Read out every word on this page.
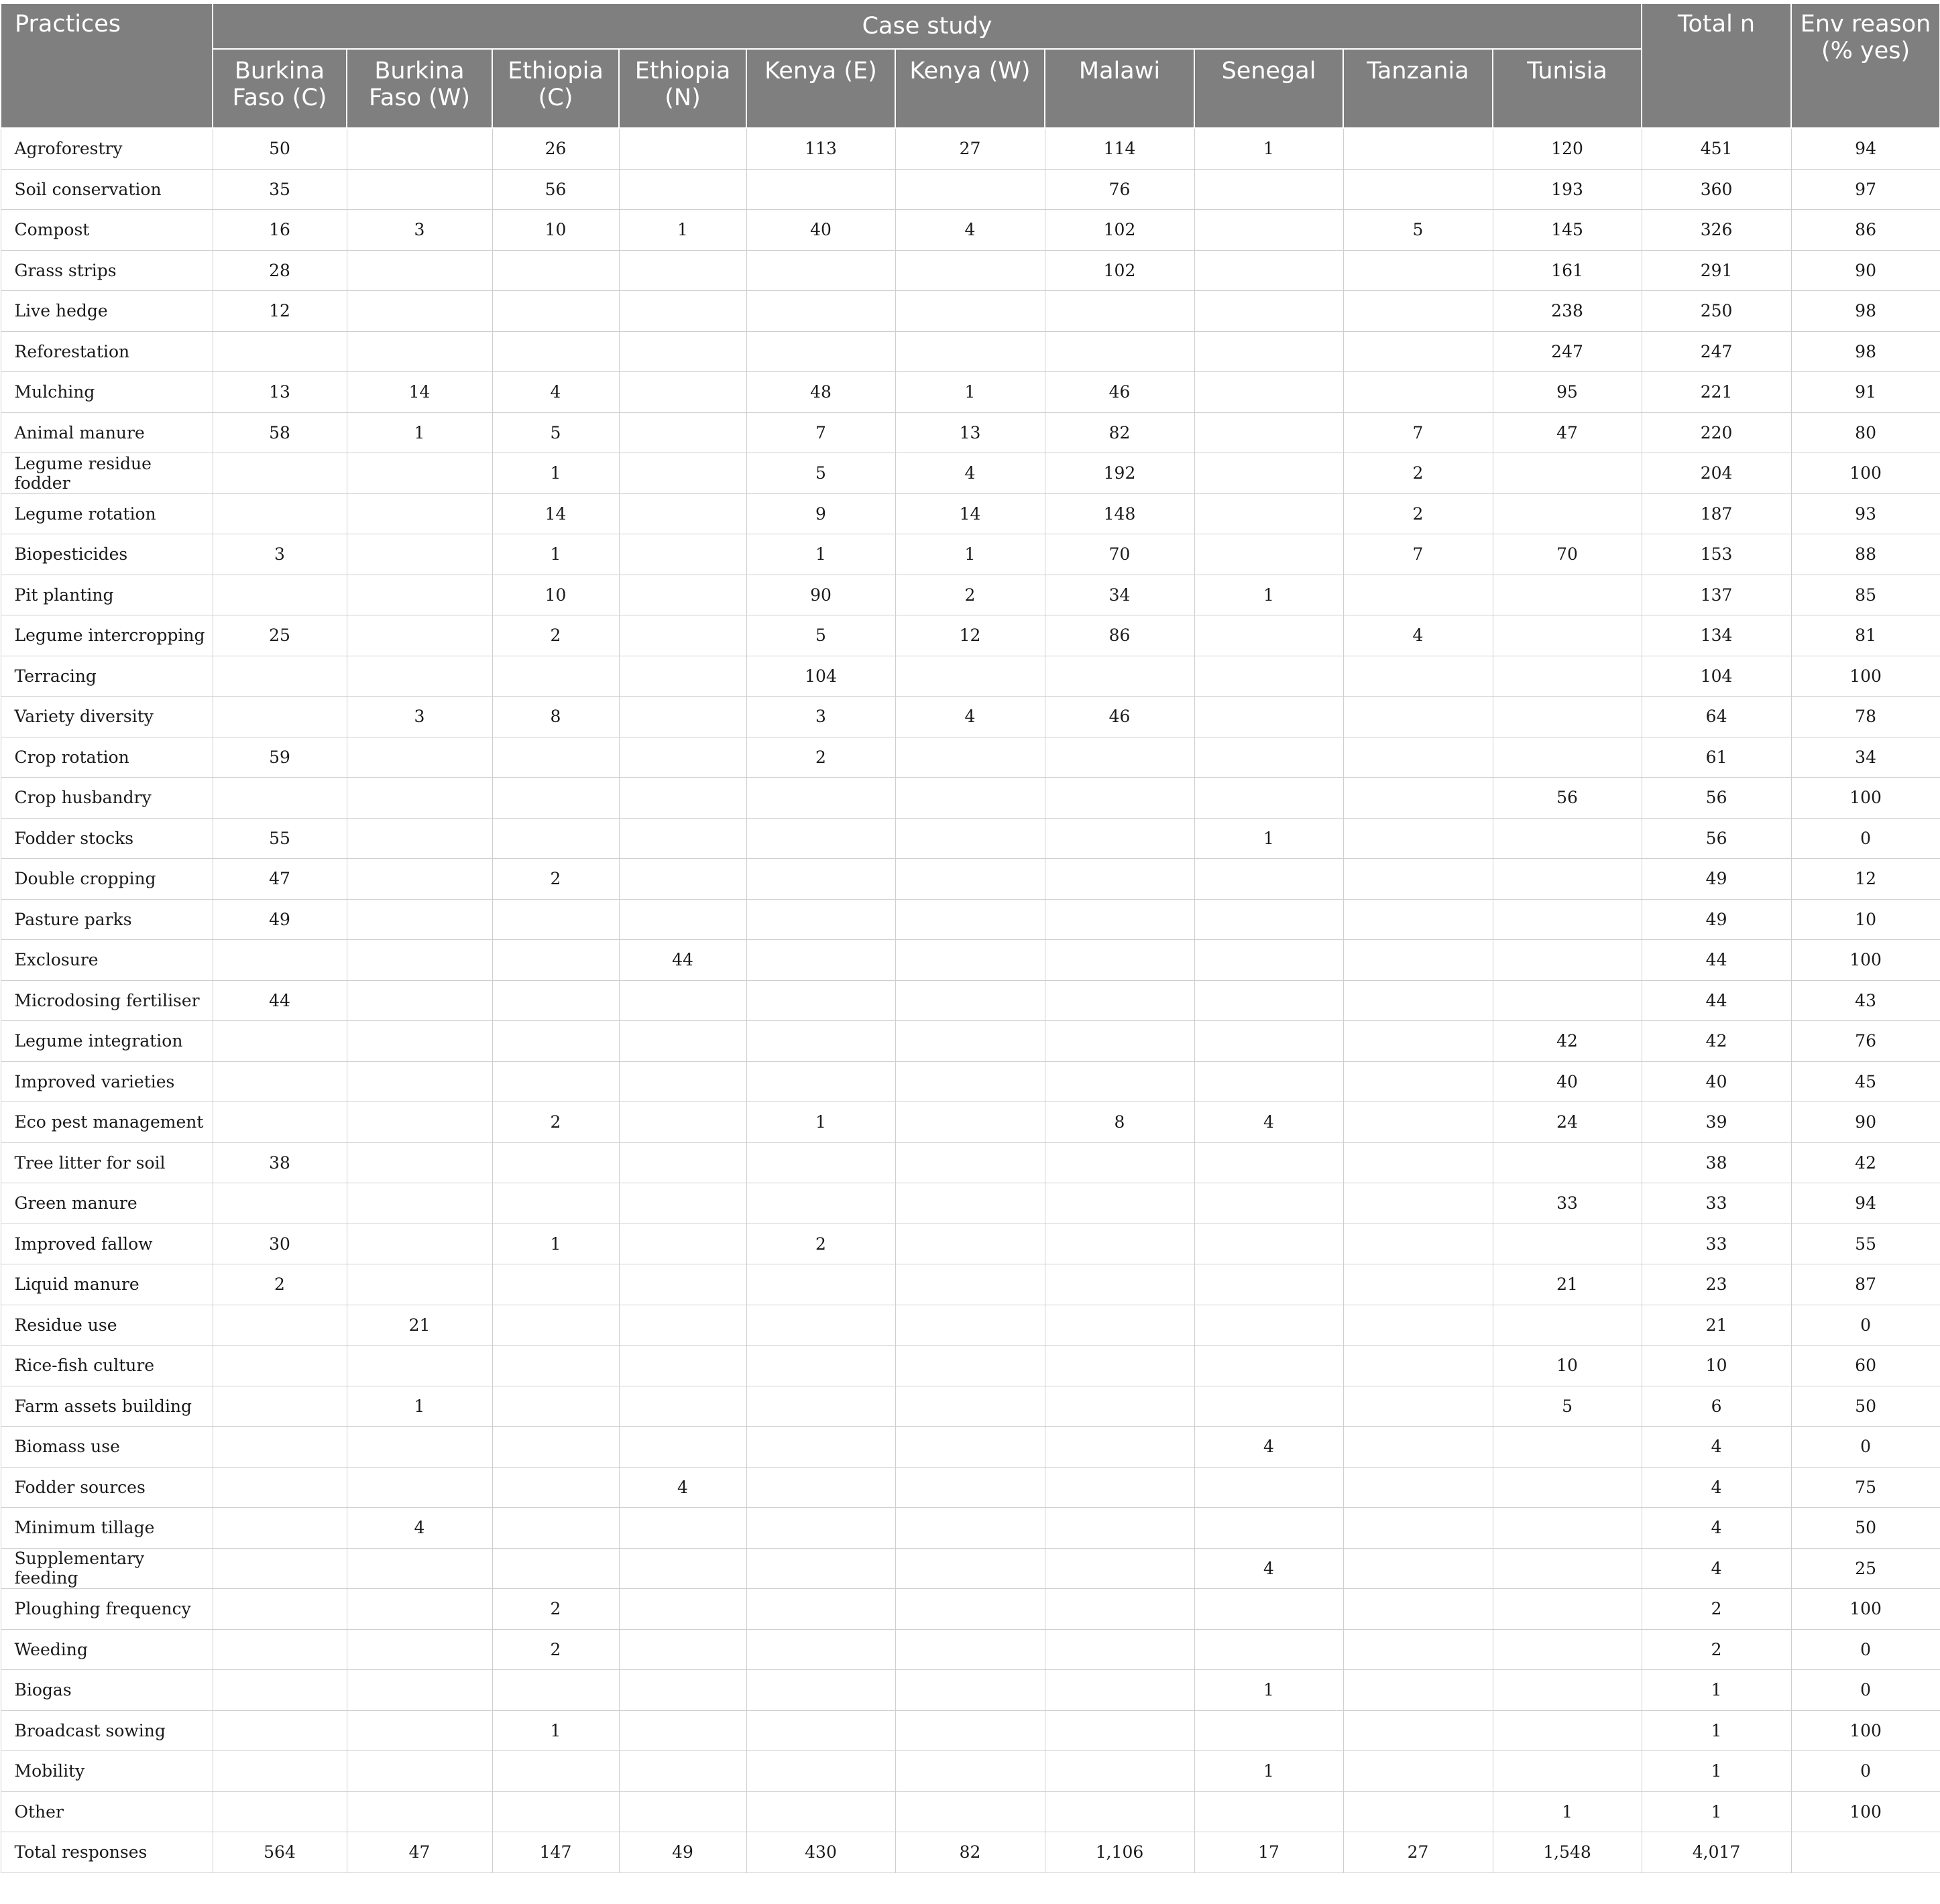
Practices	Case study										Total n	Env reason (% yes)
	Burkina Faso (C)	Burkina Faso (W)	Ethiopia (C)	Ethiopia (N)	Kenya (E)	Kenya (W)	Malawi	Senegal	Tanzania	Tunisia		
Agroforestry	50		26		113	27	114	1		120	451	94
Soil conservation	35		56				76			193	360	97
Compost	16	3	10	1	40	4	102		5	145	326	86
Grass strips	28						102			161	291	90
Live hedge	12									238	250	98
Reforestation										247	247	98
Mulching	13	14	4		48	1	46			95	221	91
Animal manure	58	1	5		7	13	82		7	47	220	80
Legume residue fodder			1		5	4	192		2		204	100
Legume rotation			14		9	14	148		2		187	93
Biopesticides	3		1		1	1	70		7	70	153	88
Pit planting			10		90	2	34	1			137	85
Legume intercropping	25		2		5	12	86		4		134	81
Terracing					104						104	100
Variety diversity		3	8		3	4	46				64	78
Crop rotation	59				2						61	34
Crop husbandry										56	56	100
Fodder stocks	55							1			56	0
Double cropping	47		2								49	12
Pasture parks	49										49	10
Exclosure				44							44	100
Microdosing fertiliser	44										44	43
Legume integration										42	42	76
Improved varieties										40	40	45
Eco pest management			2		1		8	4		24	39	90
Tree litter for soil	38										38	42
Green manure										33	33	94
Improved fallow	30		1		2						33	55
Liquid manure	2									21	23	87
Residue use		21									21	0
Rice-fish culture										10	10	60
Farm assets building		1								5	6	50
Biomass use								4			4	0
Fodder sources				4							4	75
Minimum tillage		4									4	50
Supplementary feeding								4			4	25
Ploughing frequency			2								2	100
Weeding			2								2	0
Biogas								1			1	0
Broadcast sowing			1								1	100
Mobility								1			1	0
Other										1	1	100
Total responses	564	47	147	49	430	82	1,106	17	27	1,548	4,017	
